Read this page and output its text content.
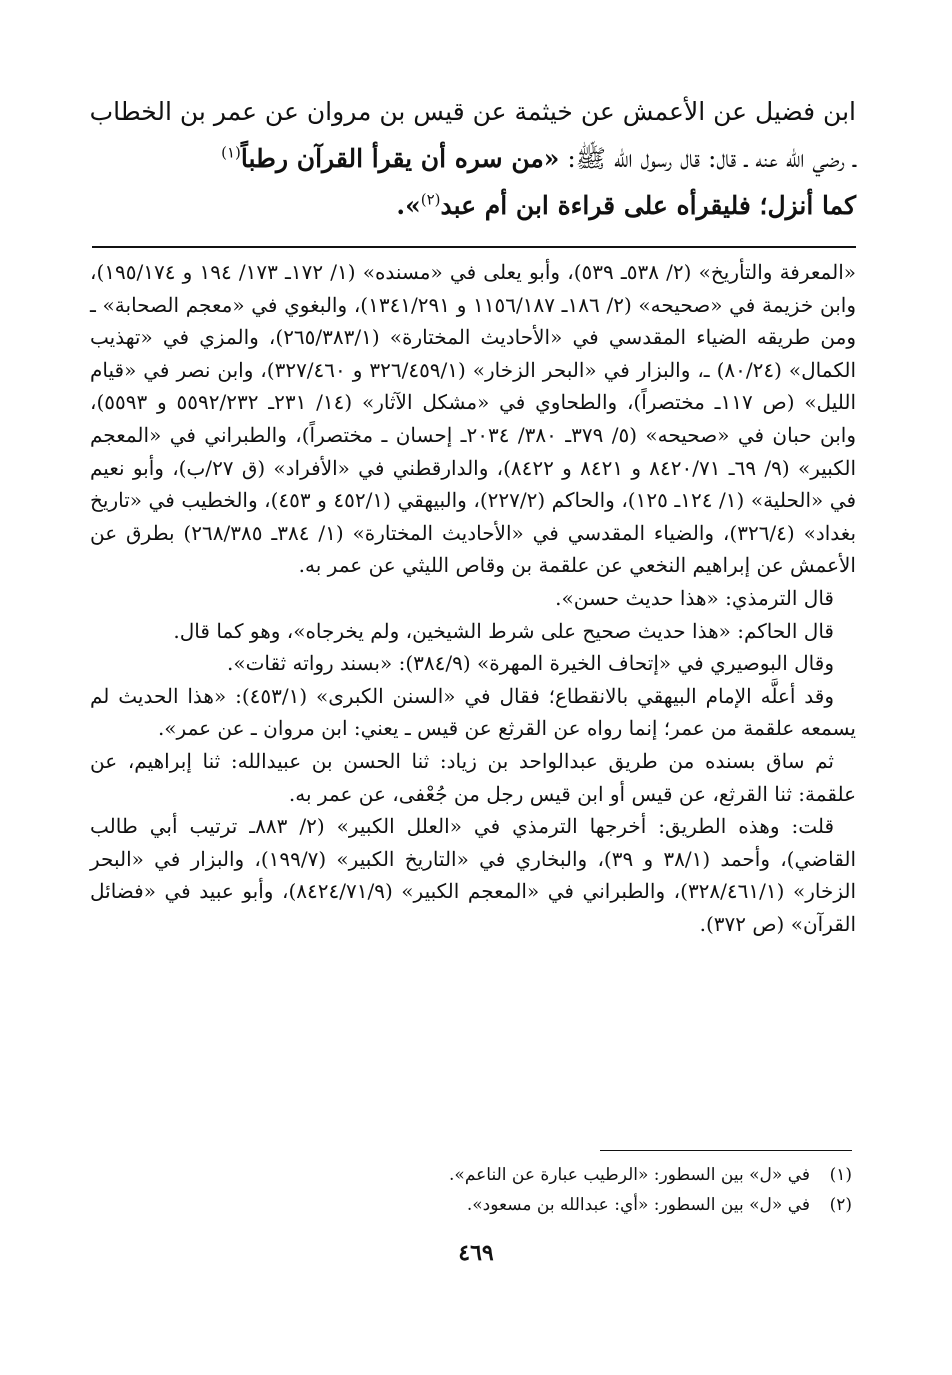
ابن فضيل عن الأعمش عن خيثمة عن قيس بن مروان عن عمر بن الخطاب

ـ رضي الله عنه ـ قال: قال رسول الله ﷺ: «من سره أن يقرأ القرآن رطباً$^{(١)}$

كما أنزل؛ فليقرأه على قراءة ابن أم عبد$^{(٢)}$».

«المعرفة والتأريخ» (٢/ ٥٣٨ـ ٥٣٩)، وأبو يعلى في «مسنده» (١/ ١٧٢ـ ١٧٣/ ١٩٤ و ١٩٥/١٧٤)، وابن خزيمة في «صحيحه» (٢/ ١٨٦ـ ١١٥٦/١٨٧ و ١٣٤١/٢٩١)، والبغوي في «معجم الصحابة» ـ ومن طريقه الضياء المقدسي في «الأحاديث المختارة» (٢٦٥/٣٨٣/١)، والمزي في «تهذيب الكمال» (٨٠/٢٤) ـ، والبزار في «البحر الزخار» (٣٢٦/٤٥٩/١ و ٣٢٧/٤٦٠)، وابن نصر في «قيام الليل» (ص ١١٧ـ مختصراً)، والطحاوي في «مشكل الآثار» (١٤/ ٢٣١ـ ٥٥٩٢/٢٣٢ و ٥٥٩٣)، وابن حبان في «صحيحه» (٥/ ٣٧٩ـ ٣٨٠/ ٢٠٣٤ـ إحسان ـ مختصراً)، والطبراني في «المعجم الكبير» (٩/ ٦٩ـ ٨٤٢٠/٧١ و ٨٤٢١ و ٨٤٢٢)، والدارقطني في «الأفراد» (ق ٢٧/ب)، وأبو نعيم في «الحلية» (١/ ١٢٤ـ ١٢٥)، والحاكم (٢٢٧/٢)، والبيهقي (٤٥٢/١ و ٤٥٣)، والخطيب في «تاريخ بغداد» (٣٢٦/٤)، والضياء المقدسي في «الأحاديث المختارة» (١/ ٣٨٤ـ ٢٦٨/٣٨٥) بطرق عن الأعمش عن إبراهيم النخعي عن علقمة بن وقاص الليثي عن عمر به.

قال الترمذي: «هذا حديث حسن».

قال الحاكم: «هذا حديث صحيح على شرط الشيخين، ولم يخرجاه»، وهو كما قال.

وقال البوصيري في «إتحاف الخيرة المهرة» (٣٨٤/٩): «بسند رواته ثقات».

وقد أعلَّه الإمام البيهقي بالانقطاع؛ فقال في «السنن الكبرى» (٤٥٣/١): «هذا الحديث لم يسمعه علقمة من عمر؛ إنما رواه عن القرثع عن قيس ـ يعني: ابن مروان ـ عن عمر».

ثم ساق بسنده من طريق عبدالواحد بن زياد: ثنا الحسن بن عبيدالله: ثنا إبراهيم، عن علقمة: ثنا القرثع، عن قيس أو ابن قيس رجل من جُعْفى، عن عمر به.

قلت: وهذه الطريق: أخرجها الترمذي في «العلل الكبير» (٢/ ٨٨٣ـ ترتيب أبي طالب القاضي)، وأحمد (٣٨/١ و ٣٩)، والبخاري في «التاريخ الكبير» (١٩٩/٧)، والبزار في «البحر الزخار» (٣٢٨/٤٦١/١)، والطبراني في «المعجم الكبير» (٨٤٢٤/٧١/٩)، وأبو عبيد في «فضائل القرآن» (ص ٣٧٢).

(١)
في «ل» بين السطور: «الرطيب عبارة عن الناعم».
(٢)
في «ل» بين السطور: «أي: عبدالله بن مسعود».
٤٦٩
